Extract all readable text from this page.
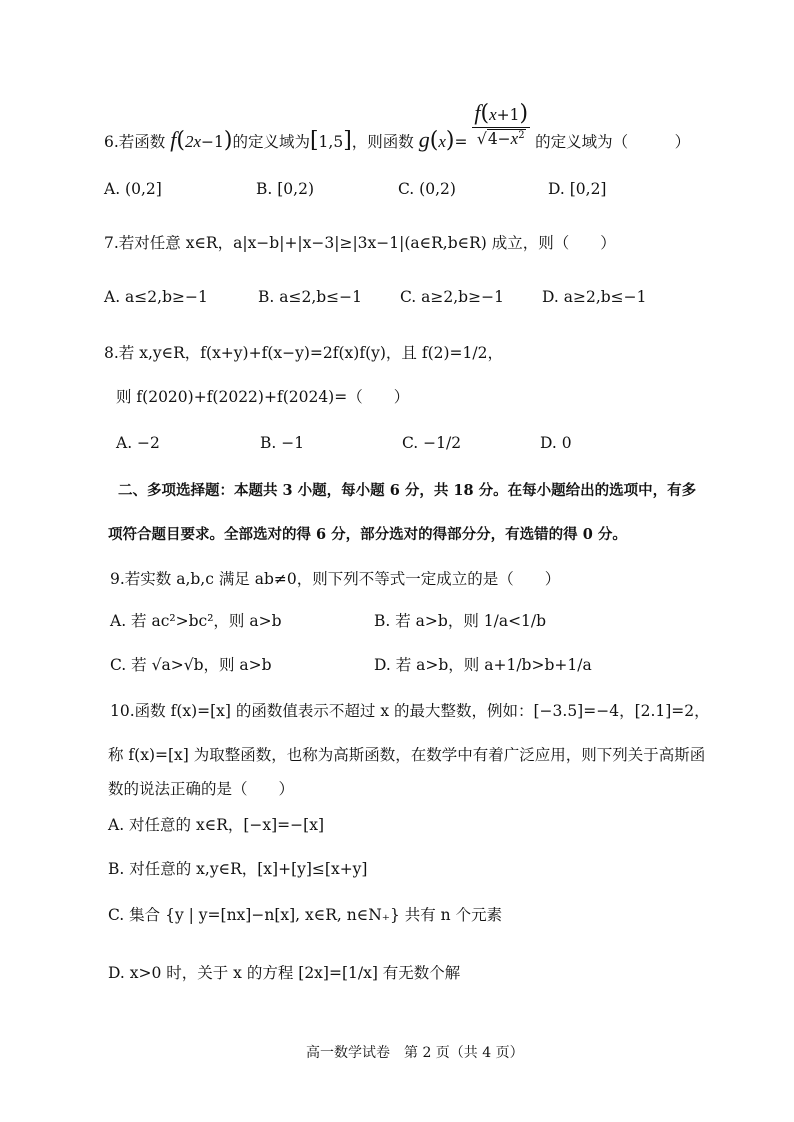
6.若函数 f(2x−1)的定义域为[1,5]，则函数 $g(x)= \frac{f(x+1)}{√4-x^2}$ 的定义域为（　　　）
A. (0,2]	B. [0,2)	C. (0,2)	D. [0,2]
7.若对任意 x∈R，a|x−b|+|x−3|≥|3x−1|(a∈R,b∈R) 成立，则（　　）
A. a≤2,b≥−1	B. a≤2,b≤−1 C. a≥2,b≥−1 D. a≥2,b≤−1
8.若 x,y∈R，f(x+y)+f(x−y)=2f(x)f(y)，且 f(2)=1/2，
则 f(2020)+f(2022)+f(2024)=（　　）
A. −2	B. −1	C. −1/2	D. 0
二、多项选择题：本题共 3 小题，每小题 6 分，共 18 分。在每小题给出的选项中，有多
项符合题目要求。全部选对的得 6 分，部分选对的得部分分，有选错的得 0 分。
9.若实数 a,b,c 满足 ab≠0，则下列不等式一定成立的是（　　）
A. 若 ac²>bc²，则 a>b	B. 若 a>b，则 1/a<1/b
C. 若 √a>√b，则 a>b	D. 若 a>b，则 a+1/b>b+1/a
10.函数 f(x)=[x] 的函数值表示不超过 x 的最大整数，例如：[−3.5]=−4，[2.1]=2，
称 f(x)=[x] 为取整函数，也称为高斯函数，在数学中有着广泛应用，则下列关于高斯函
数的说法正确的是（　　）
A. 对任意的 x∈R，[−x]=−[x]
B. 对任意的 x,y∈R，[x]+[y]≤[x+y]
C. 集合 {y | y=[nx]−n[x], x∈R, n∈N₊} 共有 n 个元素
D. x>0 时，关于 x 的方程 [2x]=[1/x] 有无数个解
高一数学试卷　第 2 页（共 4 页）
